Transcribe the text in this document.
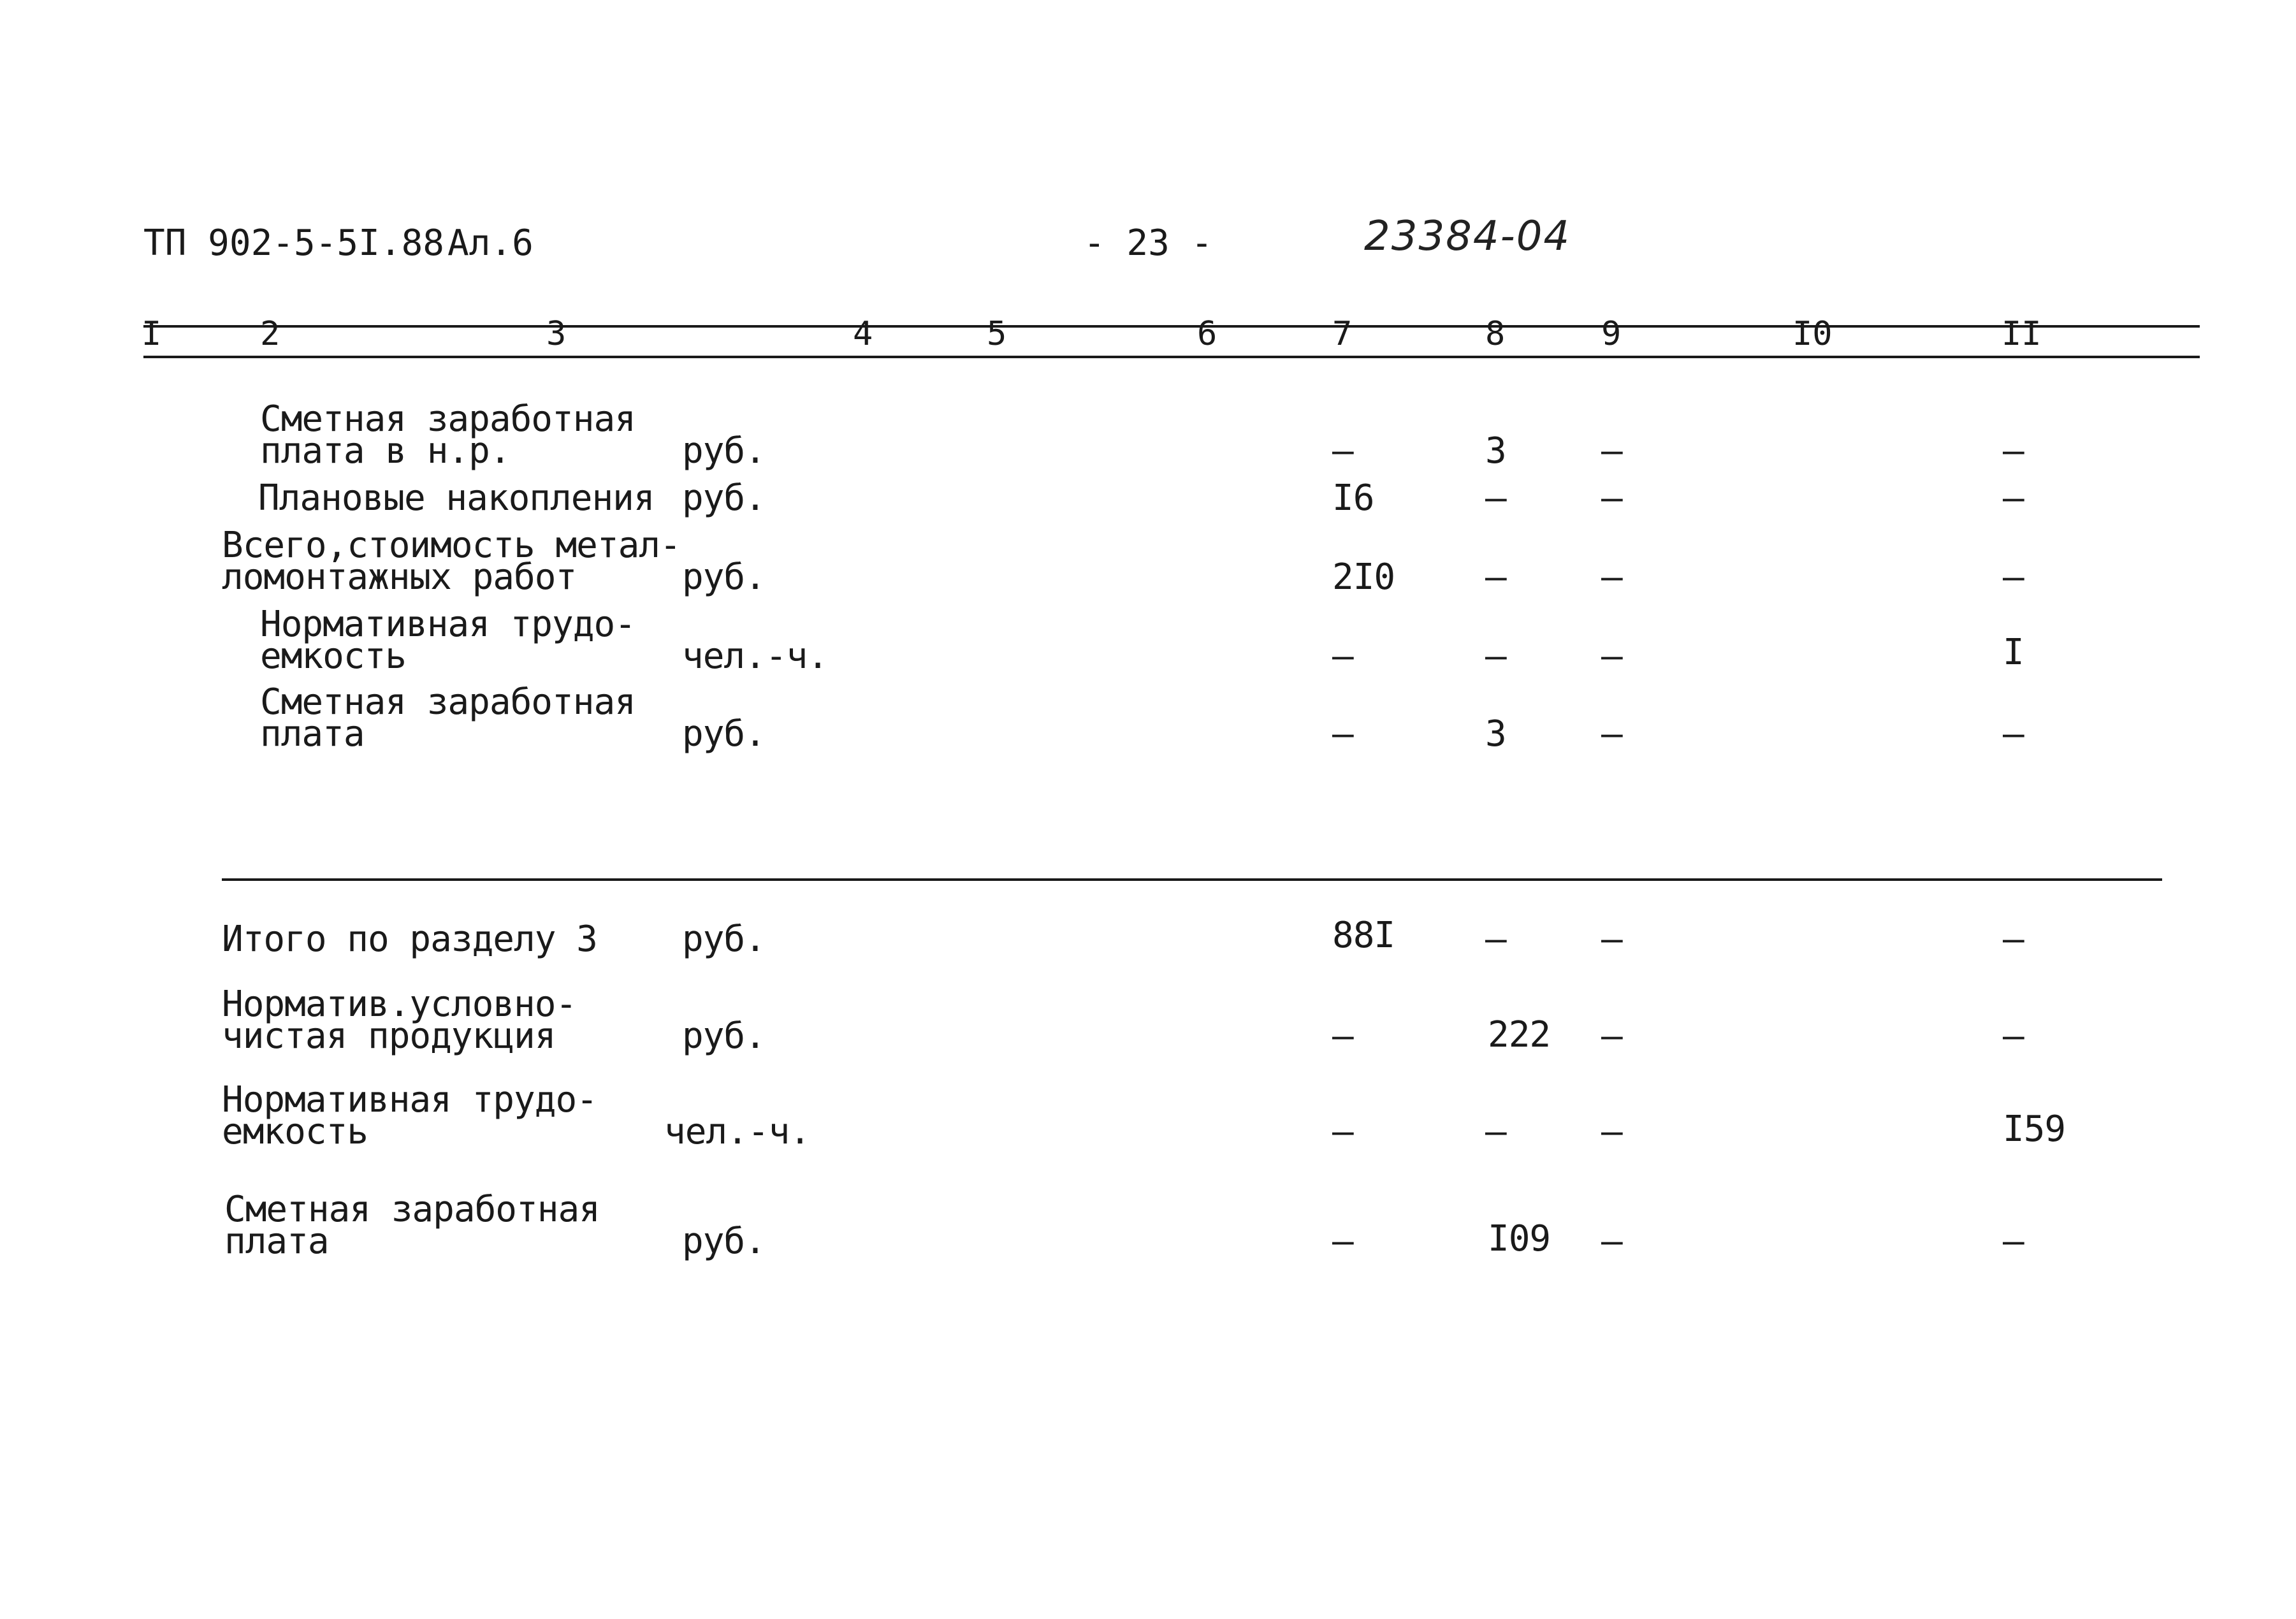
ТП 902-5-5I.88 Ал.6	- 23 -	23384-04
I	2	3	4	5	6	7	8	9	I0	II
Сметная заработная
плата в н.р.	руб.	–	3	–	–
Плановые накопления руб.	I6	–	–	–
Всего,стоимость метал-
ломонтажных работ	руб.	2I0	–	–	–
Нормативная трудо-
емкость	чел.-ч.	–	–	–	I
Сметная заработная
плата	руб.	–	3	–	–
Итого по разделу 3 руб.	88I	–	–	–
Норматив.условно-
чистая продукция	руб.	–	222 –	–
Нормативная трудо-
емкость	чел.-ч.	–	–	–	I59
Сметная заработная
плата	руб.	–	I09 –	–
